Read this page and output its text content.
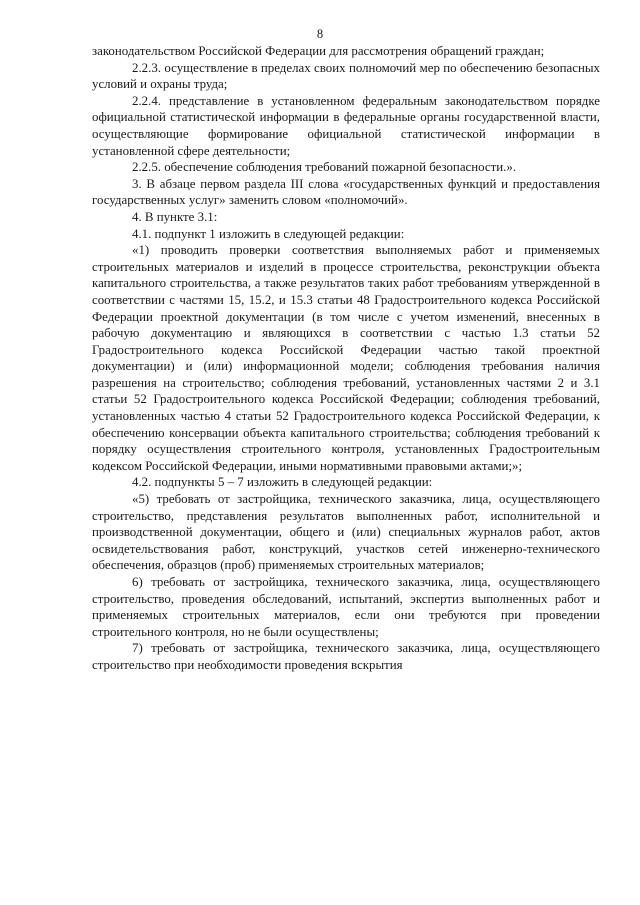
8

законодательством Российской Федерации для рассмотрения обращений граждан;

2.2.3. осуществление в пределах своих полномочий мер по обеспечению безопасных условий и охраны труда;

2.2.4. представление в установленном федеральным законодательством порядке официальной статистической информации в федеральные органы государственной власти, осуществляющие формирование официальной статистической информации в установленной сфере деятельности;

2.2.5. обеспечение соблюдения требований пожарной безопасности.».

3. В абзаце первом раздела III слова «государственных функций и предоставления государственных услуг» заменить словом «полномочий».

4. В пункте 3.1:

4.1. подпункт 1 изложить в следующей редакции:

«1) проводить проверки соответствия выполняемых работ и применяемых строительных материалов и изделий в процессе строительства, реконструкции объекта капитального строительства, а также результатов таких работ требованиям утвержденной в соответствии с частями 15, 15.2, и 15.3 статьи 48 Градостроительного кодекса Российской Федерации проектной документации (в том числе с учетом изменений, внесенных в рабочую документацию и являющихся в соответствии с частью 1.3 статьи 52 Градостроительного кодекса Российской Федерации частью такой проектной документации) и (или) информационной модели; соблюдения требования наличия разрешения на строительство; соблюдения требований, установленных частями 2 и 3.1 статьи 52 Градостроительного кодекса Российской Федерации; соблюдения требований, установленных частью 4 статьи 52 Градостроительного кодекса Российской Федерации, к обеспечению консервации объекта капитального строительства; соблюдения требований к порядку осуществления строительного контроля, установленных Градостроительным кодексом Российской Федерации, иными нормативными правовыми актами;»;

4.2. подпункты 5 – 7 изложить в следующей редакции:

«5) требовать от застройщика, технического заказчика, лица, осуществляющего строительство, представления результатов выполненных работ, исполнительной и производственной документации, общего и (или) специальных журналов работ, актов освидетельствования работ, конструкций, участков сетей инженерно-технического обеспечения, образцов (проб) применяемых строительных материалов;

6) требовать от застройщика, технического заказчика, лица, осуществляющего строительство, проведения обследований, испытаний, экспертиз выполненных работ и применяемых строительных материалов, если они требуются при проведении строительного контроля, но не были осуществлены;

7) требовать от застройщика, технического заказчика, лица, осуществляющего строительство при необходимости проведения вскрытия
